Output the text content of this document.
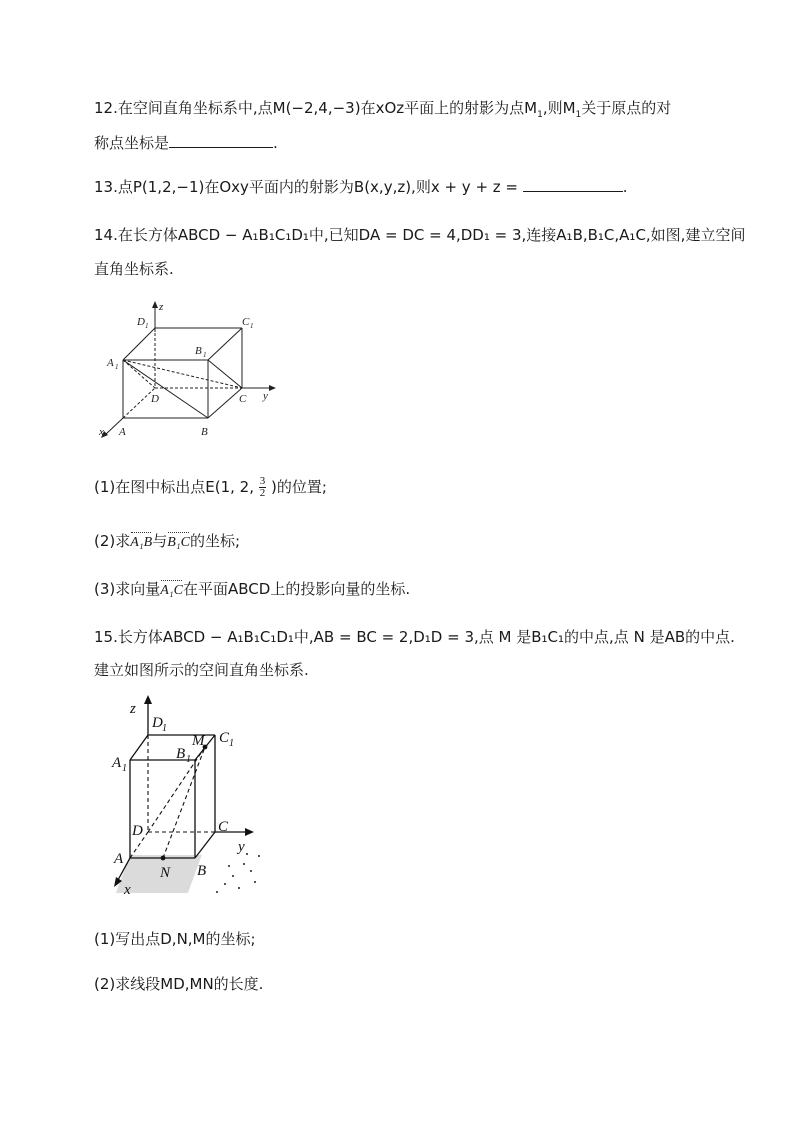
12.在空间直角坐标系中,点M(−2,4,−3)在xOz平面上的射影为点$M_1$,则$M_1$关于原点的对
称点坐标是	.
13.点P(1,2,−1)在Oxy平面内的射影为B(x,y,z),则x + y + z =	.
14.在长方体ABCD − A₁B₁C₁D₁中,已知DA = DC = 4,DD₁ = 3,连接A₁B,B₁C,A₁C,如图,建立空间
直角坐标系.
z
y
x A	B
C
D
A 1
B 1
C 1
D 1
(1)在图中标出点E(1, 2, $\frac{3}{2}$ )的位置;
(2)求A₁B与B₁C的坐标;
(3)求向量A₁C在平面ABCD上的投影向量的坐标.
15.长方体ABCD − A₁B₁C₁D₁中,AB = BC = 2,D₁D = 3,点 M 是B₁C₁的中点,点 N 是AB的中点.
建立如图所示的空间直角坐标系.
z
y
x
A
B
C
D
A 1
B 1
C 1
D 1
M
N
(1)写出点D,N,M的坐标;
(2)求线段MD,MN的长度.
